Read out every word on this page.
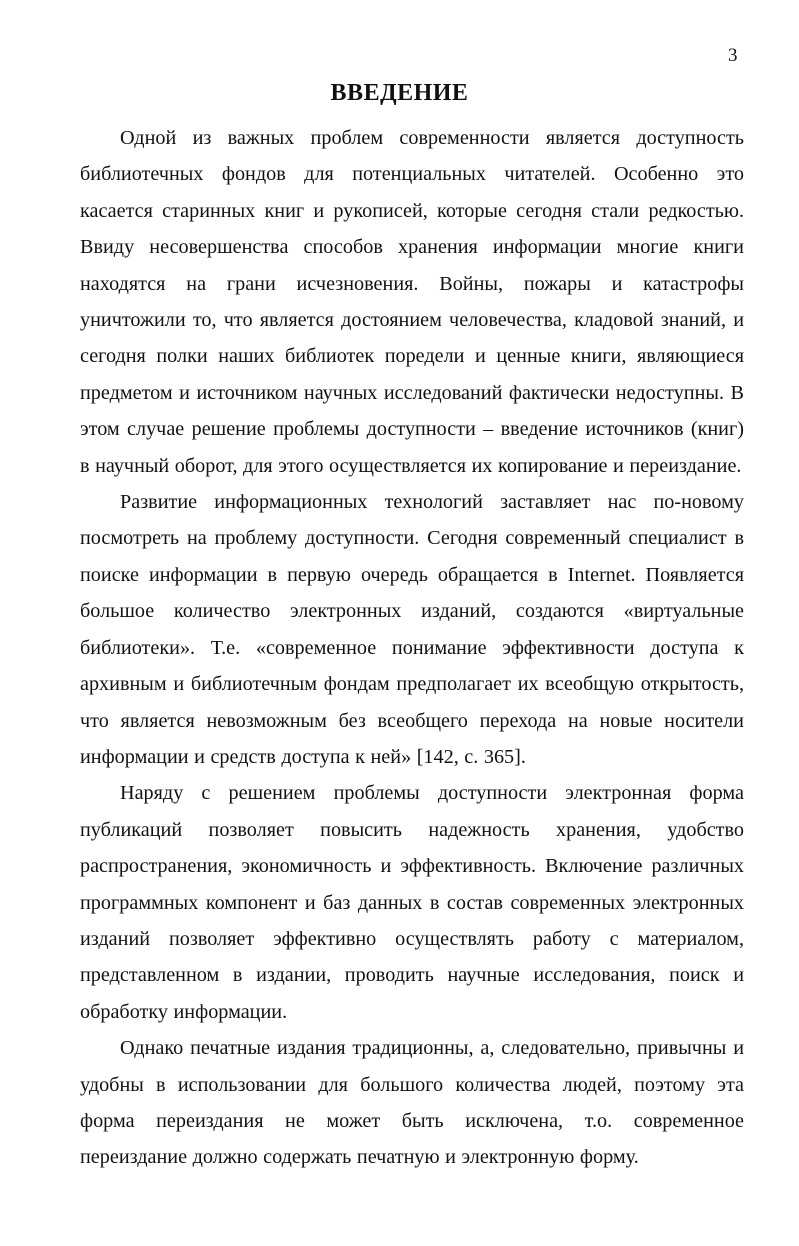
3
ВВЕДЕНИЕ

Одной из важных проблем современности является доступность библиотечных фондов для потенциальных читателей. Особенно это касается старинных книг и рукописей, которые сегодня стали редкостью. Ввиду несовершенства способов хранения информации многие книги находятся на грани исчезновения. Войны, пожары и катастрофы уничтожили то, что является достоянием человечества, кладовой знаний, и сегодня полки наших библиотек поредели и ценные книги, являющиеся предметом и источником научных исследований фактически недоступны. В этом случае решение проблемы доступности – введение источников (книг) в научный оборот, для этого осуществляется их копирование и переиздание.

Развитие информационных технологий заставляет нас по-новому посмотреть на проблему доступности. Сегодня современный специалист в поиске информации в первую очередь обращается в Internet. Появляется большое количество электронных изданий, создаются «виртуальные библиотеки». Т.е. «современное понимание эффективности доступа к архивным и библиотечным фондам предполагает их всеобщую открытость, что является невозможным без всеобщего перехода на новые носители информации и средств доступа к ней» [142, с. 365].

Наряду с решением проблемы доступности электронная форма публикаций позволяет повысить надежность хранения, удобство распространения, экономичность и эффективность. Включение различных программных компонент и баз данных в состав современных электронных изданий позволяет эффективно осуществлять работу с материалом, представленном в издании, проводить научные исследования, поиск и обработку информации.

Однако печатные издания традиционны, а, следовательно, привычны и удобны в использовании для большого количества людей, поэтому эта форма переиздания не может быть исключена, т.о. современное переиздание должно содержать печатную и электронную форму.
